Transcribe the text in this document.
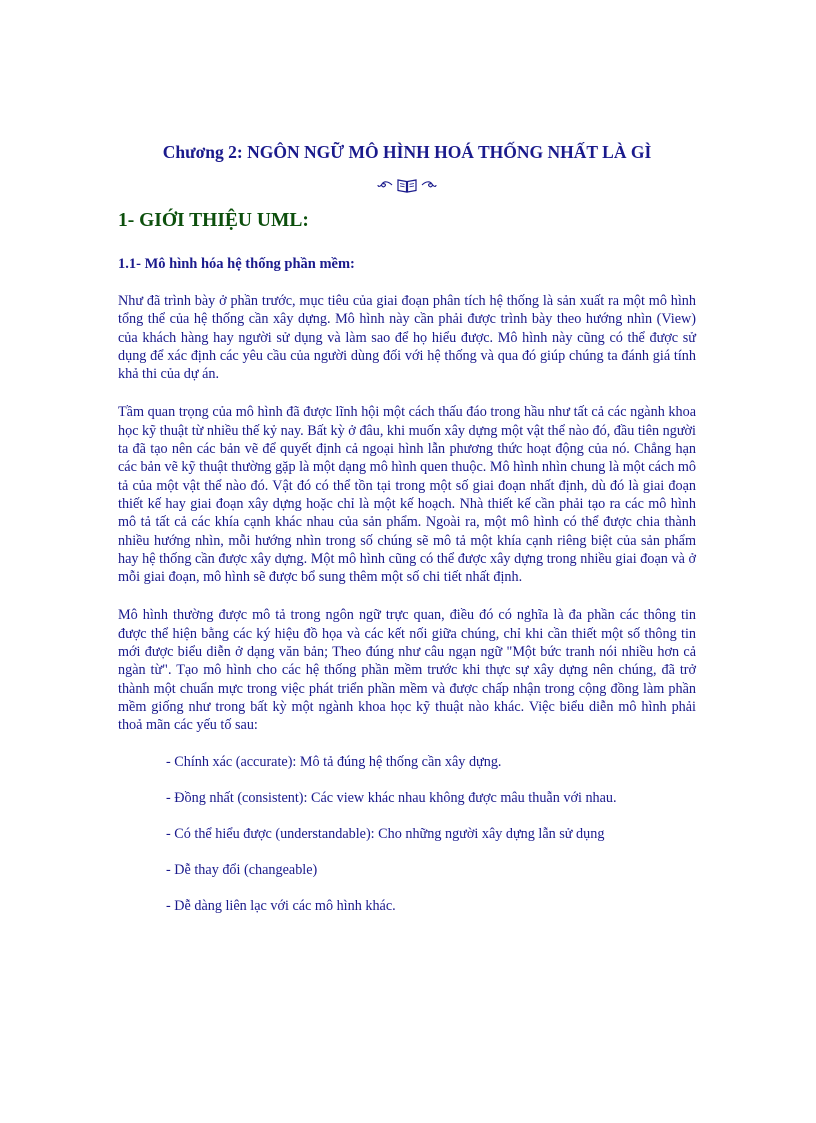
Chương 2: NGÔN NGỮ MÔ HÌNH HOÁ THỐNG NHẤT LÀ GÌ
1- GIỚI THIỆU UML:
1.1- Mô hình hóa hệ thống phần mềm:

Như đã trình bày ở phần trước, mục tiêu của giai đoạn phân tích hệ thống là sản xuất ra một mô hình tổng thể của hệ thống cần xây dựng. Mô hình này cần phải được trình bày theo hướng nhìn (View) của khách hàng hay người sử dụng và làm sao để họ hiểu được. Mô hình này cũng có thể được sử dụng để xác định các yêu cầu của người dùng đối với hệ thống và qua đó giúp chúng ta đánh giá tính khả thi của dự án.

Tầm quan trọng của mô hình đã được lĩnh hội một cách thấu đáo trong hầu như tất cả các ngành khoa học kỹ thuật từ nhiều thế kỷ nay. Bất kỳ ở đâu, khi muốn xây dựng một vật thể nào đó, đầu tiên người ta đã tạo nên các bản vẽ để quyết định cả ngoại hình lẫn phương thức hoạt động của nó. Chẳng hạn các bản vẽ kỹ thuật thường gặp là một dạng mô hình quen thuộc. Mô hình nhìn chung là một cách mô tả của một vật thể nào đó. Vật đó có thể tồn tại trong một số giai đoạn nhất định, dù đó là giai đoạn thiết kế hay giai đoạn xây dựng hoặc chỉ là một kế hoạch. Nhà thiết kế cần phải tạo ra các mô hình mô tả tất cả các khía cạnh khác nhau của sản phẩm. Ngoài ra, một mô hình có thể được chia thành nhiều hướng nhìn, mỗi hướng nhìn trong số chúng sẽ mô tả một khía cạnh riêng biệt của sản phẩm hay hệ thống cần được xây dựng. Một mô hình cũng có thể được xây dựng trong nhiều giai đoạn và ở mỗi giai đoạn, mô hình sẽ được bổ sung thêm một số chi tiết nhất định.

Mô hình thường được mô tả trong ngôn ngữ trực quan, điều đó có nghĩa là đa phần các thông tin được thể hiện bằng các ký hiệu đồ họa và các kết nối giữa chúng, chỉ khi cần thiết một số thông tin mới được biểu diễn ở dạng văn bản; Theo đúng như câu ngạn ngữ "Một bức tranh nói nhiều hơn cả ngàn từ". Tạo mô hình cho các hệ thống phần mềm trước khi thực sự xây dựng nên chúng, đã trở thành một chuẩn mực trong việc phát triển phần mềm và được chấp nhận trong cộng đồng làm phần mềm giống như trong bất kỳ một ngành khoa học kỹ thuật nào khác. Việc biểu diễn mô hình phải thoả mãn các yếu tố sau:

- Chính xác (accurate): Mô tả đúng hệ thống cần xây dựng.
- Đồng nhất (consistent): Các view khác nhau không được mâu thuẫn với nhau.
- Có thể hiểu được (understandable): Cho những người xây dựng lẫn sử dụng
- Dễ thay đổi (changeable)
- Dễ dàng liên lạc với các mô hình khác.
